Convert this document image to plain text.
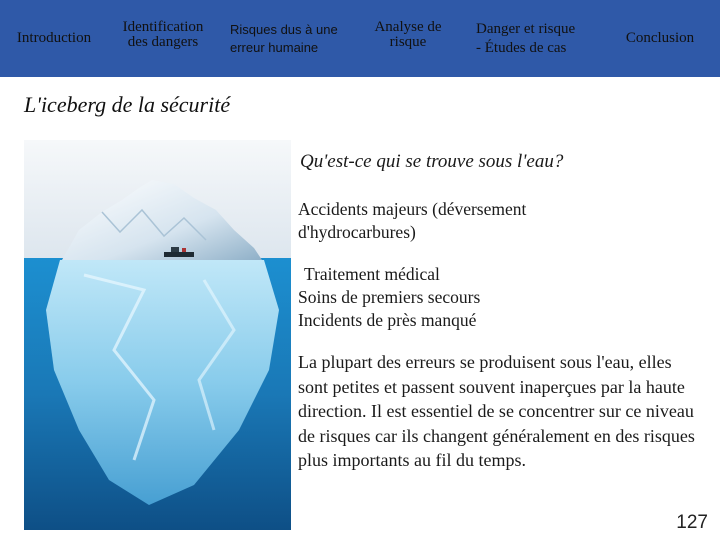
Introduction
Identification
des dangers
Risques dus à une
erreur humaine
Analyse de
risque
Danger et risque
- Études de cas
Conclusion
L'iceberg de la sécurité
Qu'est-ce qui se trouve sous l'eau?
Accidents majeurs (déversement
d'hydrocarbures)
Traitement médical
Soins de premiers secours
Incidents de près manqué
La plupart des erreurs se produisent sous l'eau, elles sont petites et passent souvent inaperçues par la haute direction. Il est essentiel de se concentrer sur ce niveau de risques car ils changent généralement en des risques plus importants au fil du temps.
127
